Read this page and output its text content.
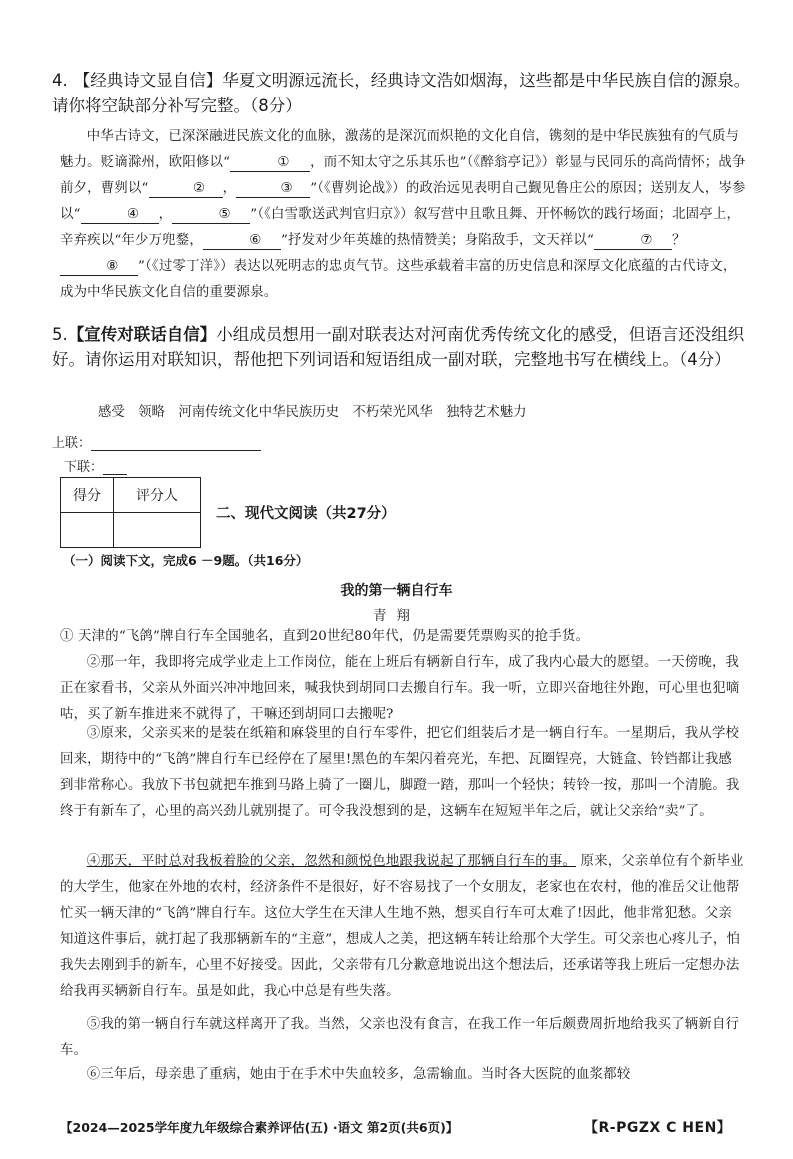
4. 【经典诗文显自信】华夏文明源远流长，经典诗文浩如烟海，这些都是中华民族自信的源泉。请你将空缺部分补写完整。（8分）
中华古诗文，已深深融进民族文化的血脉，激荡的是深沉而炽艳的文化自信，镌刻的是中华民族独有的气质与魅力。贬谪滁州，欧阳修以“	① ，而不知太守之乐其乐也”（《醉翁亭记》）彰显与民同乐的高尚情怀；战争前夕，曹刿以“	② ，	③ ”（《曹刿论战》）的政治远见表明自己觐见鲁庄公的原因；送别友人，岑参以“	④ ，	⑤ ”（《白雪歌送武判官归京》）叙写营中且歌且舞、开怀畅饮的践行场面；北固亭上，辛弃疾以“年少万兜鍪，	⑥ ”抒发对少年英雄的热情赞美；身陷敌手，文天祥以“	⑦ ？⑧ ”（《过零丁洋》）表达以死明志的忠贞气节。这些承载着丰富的历史信息和深厚文化底蕴的古代诗文，成为中华民族文化自信的重要源泉。
5.【宣传对联话自信】小组成员想用一副对联表达对河南优秀传统文化的感受，但语言还没组织好。请你运用对联知识，帮他把下列词语和短语组成一副对联，完整地书写在横线上。（4分）
感受　领略　河南传统文化中华民族历史　不朽荣光风华　独特艺术魅力
上联：
下联：
得分	评分人

二、现代文阅读（共27分）
（一）阅读下文，完成6 －9题。（共16分）
我的第一辆自行车
青翔
① 天津的“飞鸽”牌自行车全国驰名，直到20世纪80年代，仍是需要凭票购买的抢手货。
②那一年，我即将完成学业走上工作岗位，能在上班后有辆新自行车，成了我内心最大的愿望。一天傍晚，我正在家看书，父亲从外面兴冲冲地回来，喊我快到胡同口去搬自行车。我一听，立即兴奋地往外跑，可心里也犯嘀咕，买了新车推进来不就得了，干嘛还到胡同口去搬呢?
③原来，父亲买来的是装在纸箱和麻袋里的自行车零件，把它们组装后才是一辆自行车。一星期后，我从学校回来，期待中的“飞鸽”牌自行车已经停在了屋里!黑色的车架闪着亮光，车把、瓦圈锃亮，大链盒、铃铛都让我感到非常称心。我放下书包就把车推到马路上骑了一圈儿，脚蹬一踏，那叫一个轻快；转铃一按，那叫一个清脆。我终于有新车了，心里的高兴劲儿就别提了。可令我没想到的是，这辆车在短短半年之后，就让父亲给“卖”了。
④那天，平时总对我板着脸的父亲，忽然和颜悦色地跟我说起了那辆自行车的事。 原来，父亲单位有个新毕业的大学生，他家在外地的农村，经济条件不是很好，好不容易找了一个女朋友，老家也在农村，他的准岳父让他帮忙买一辆天津的“飞鸽”牌自行车。这位大学生在天津人生地不熟，想买自行车可太难了!因此，他非常犯愁。父亲知道这件事后，就打起了我那辆新车的“主意”，想成人之美，把这辆车转让给那个大学生。可父亲也心疼儿子，怕我失去刚到手的新车，心里不好接受。因此，父亲带有几分歉意地说出这个想法后，还承诺等我上班后一定想办法给我再买辆新自行车。虽是如此，我心中总是有些失落。
⑤我的第一辆自行车就这样离开了我。当然，父亲也没有食言，在我工作一年后颇费周折地给我买了辆新自行车。
⑥三年后，母亲患了重病，她由于在手术中失血较多，急需输血。当时各大医院的血浆都较
【2024—2025学年度九年级综合素养评估(五) ·语文 第2页(共6页)】	【R-PGZX C HEN】
